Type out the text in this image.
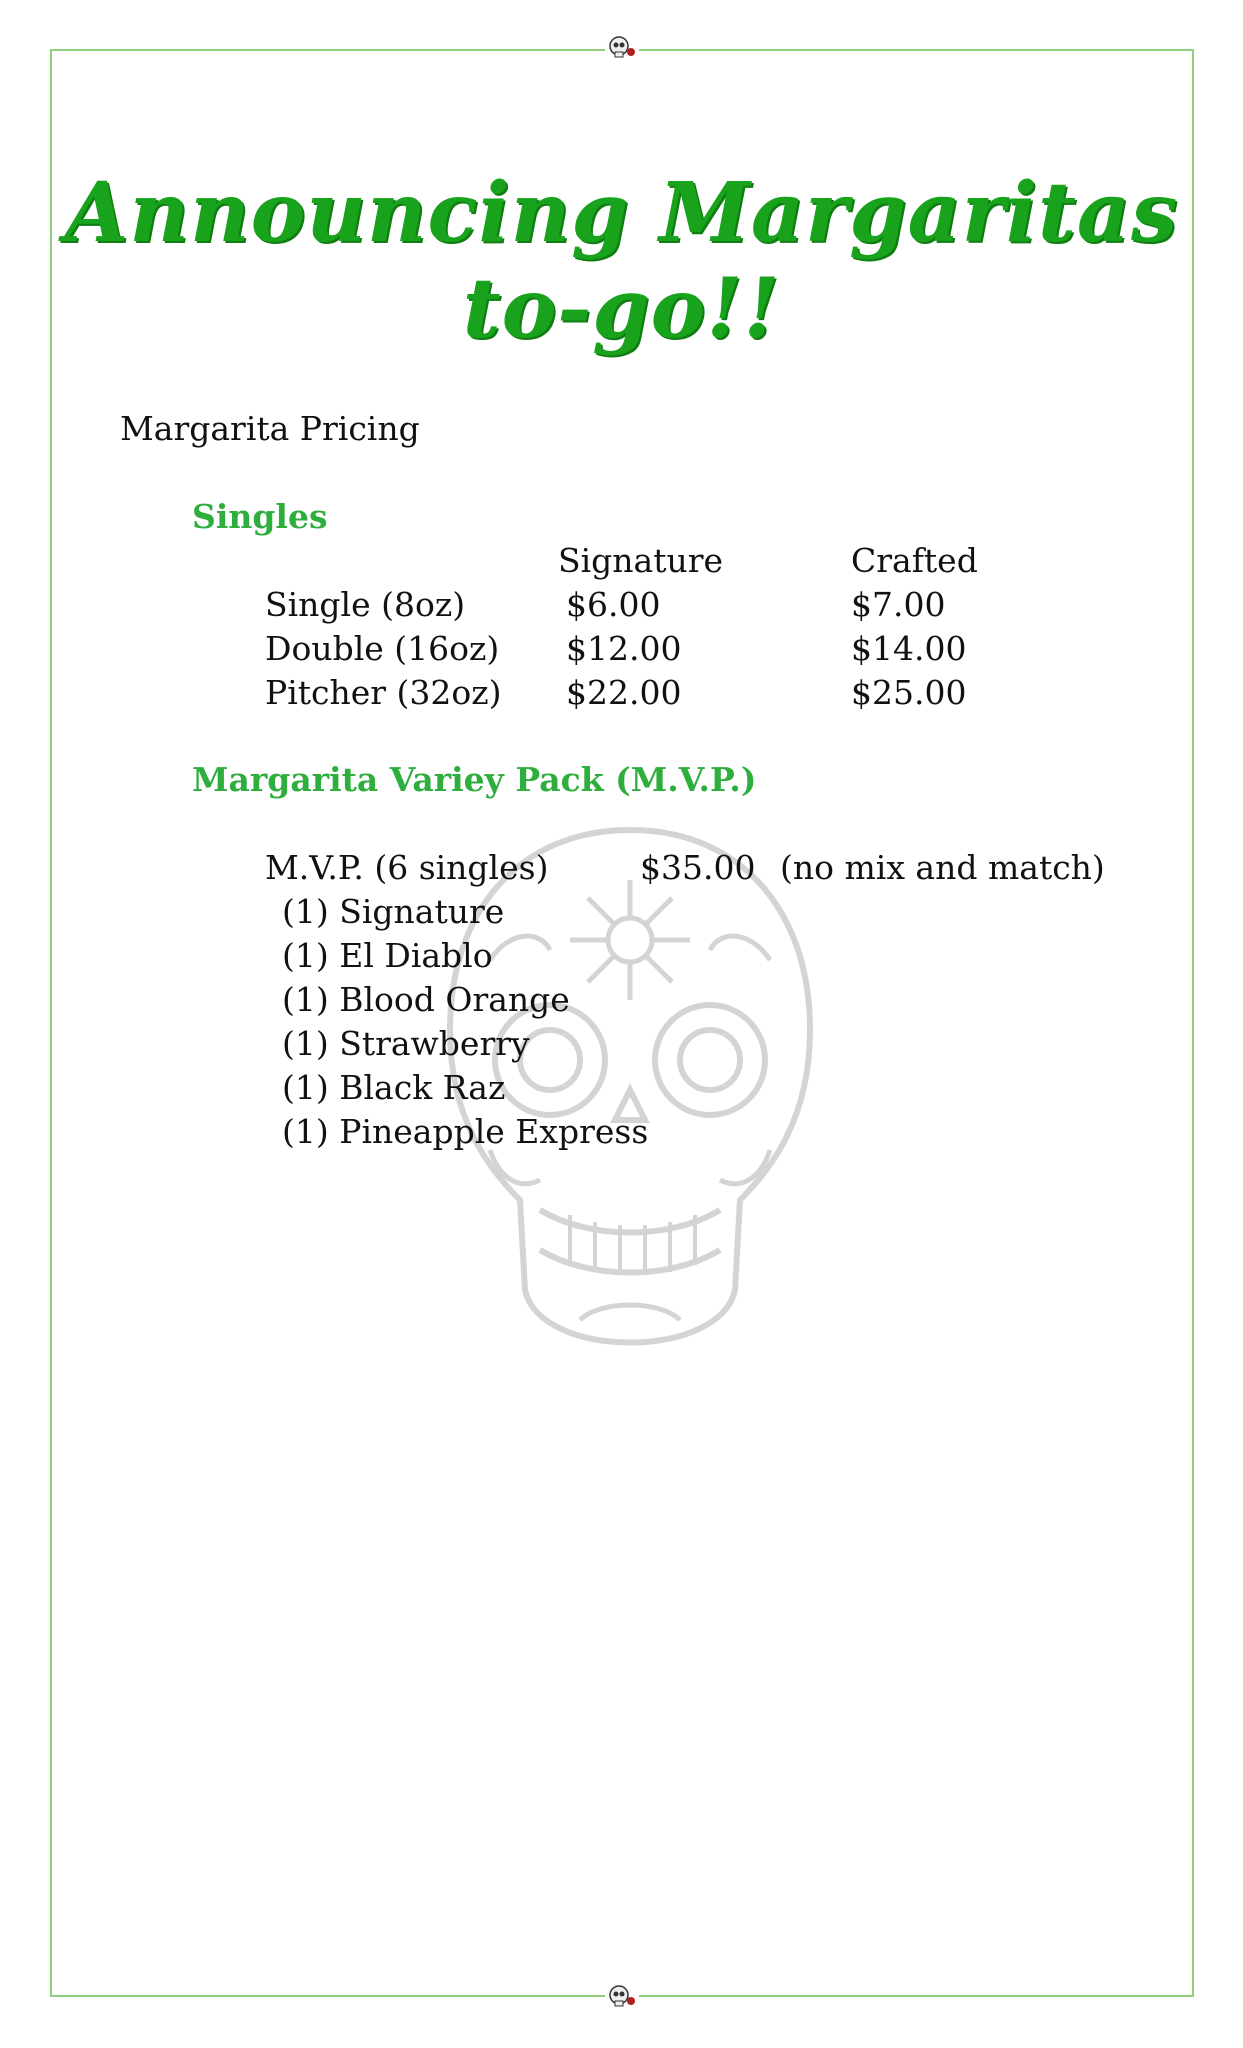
Announcing Margaritas to-go!!

Margarita Pricing

Singles

Signature	Crafted

Single (8oz)	$6.00	$7.00
Double (16oz) $12.00	$14.00
Pitcher (32oz) $22.00	$25.00

Margarita Variey Pack (M.V.P.)

M.V.P. (6 singles)	$35.00 (no mix and match)
(1) Signature
(1) El Diablo
(1) Blood Orange
(1) Strawberry
(1) Black Raz
(1) Pineapple Express
